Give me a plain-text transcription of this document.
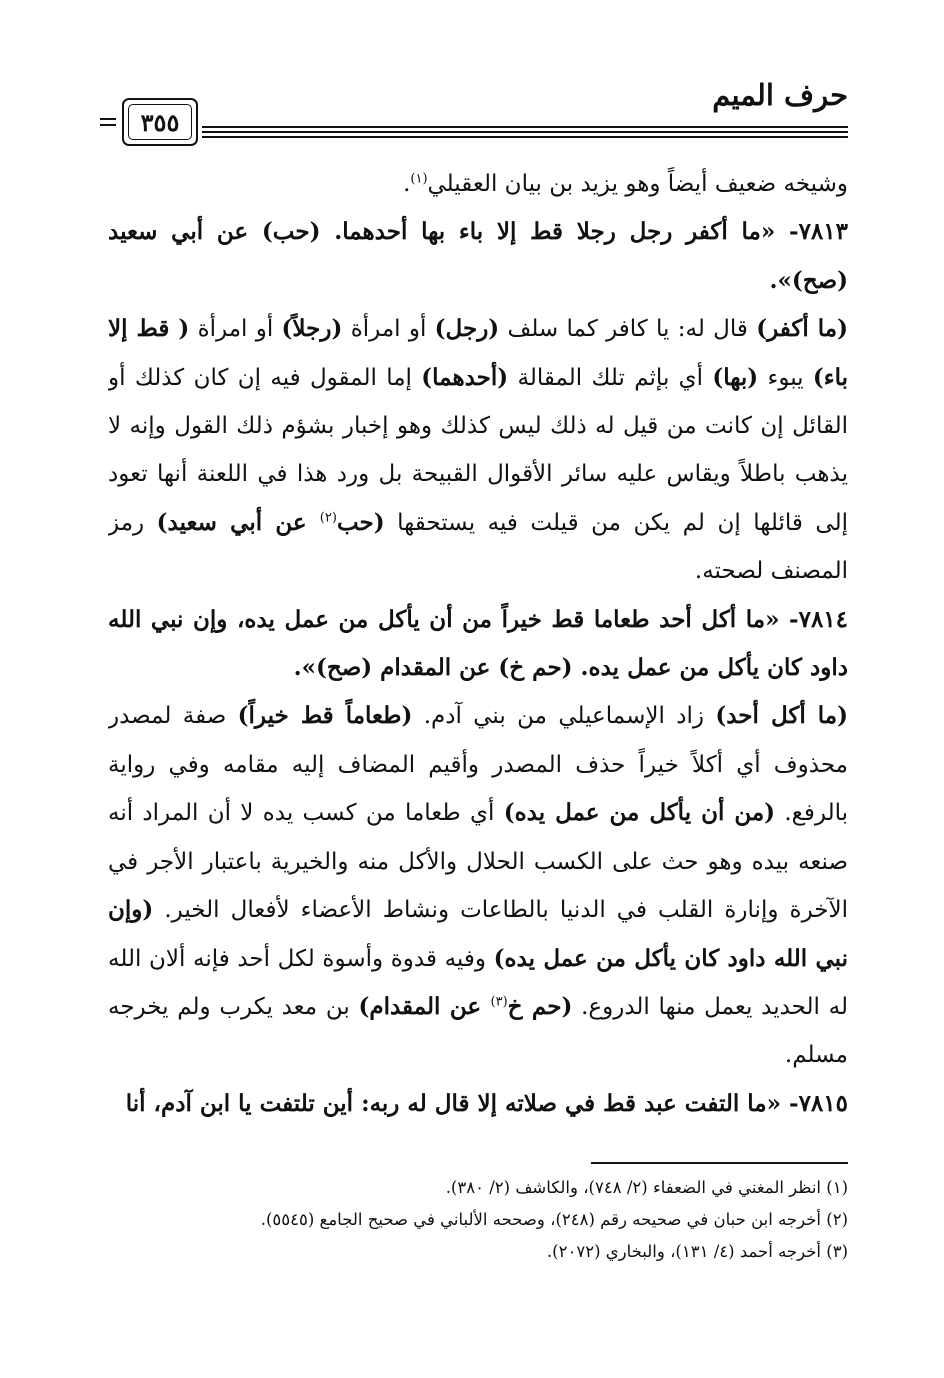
حرف الميم
٣٥٥

وشيخه ضعيف أيضاً وهو يزيد بن بيان العقيلي$^{(١)}$.

٧٨١٣- «ما أكفر رجل رجلا قط إلا باء بها أحدهما. (حب) عن أبي سعيد (صح)».

(ما أكفر) قال له: يا كافر كما سلف (رجل) أو امرأة (رجلاً) أو امرأة ( قط إلا باء) يبوء (بها) أي بإثم تلك المقالة (أحدهما) إما المقول فيه إن كان كذلك أو القائل إن كانت من قيل له ذلك ليس كذلك وهو إخبار بشؤم ذلك القول وإنه لا يذهب باطلاً ويقاس عليه سائر الأقوال القبيحة بل ورد هذا في اللعنة أنها تعود إلى قائلها إن لم يكن من قيلت فيه يستحقها (حب$^{(٢)}$ عن أبي سعيد) رمز المصنف لصحته.

٧٨١٤- «ما أكل أحد طعاما قط خيراً من أن يأكل من عمل يده، وإن نبي الله داود كان يأكل من عمل يده. (حم خ) عن المقدام (صح)».

(ما أكل أحد) زاد الإسماعيلي من بني آدم. (طعاماً قط خيراً) صفة لمصدر محذوف أي أكلاً خيراً حذف المصدر وأقيم المضاف إليه مقامه وفي رواية بالرفع. (من أن يأكل من عمل يده) أي طعاما من كسب يده لا أن المراد أنه صنعه بيده وهو حث على الكسب الحلال والأكل منه والخيرية باعتبار الأجر في الآخرة وإنارة القلب في الدنيا بالطاعات ونشاط الأعضاء لأفعال الخير. (وإن نبي الله داود كان يأكل من عمل يده) وفيه قدوة وأسوة لكل أحد فإنه ألان الله له الحديد يعمل منها الدروع. (حم خ$^{(٣)}$ عن المقدام) بن معد يكرب ولم يخرجه مسلم.

٧٨١٥- «ما التفت عبد قط في صلاته إلا قال له ربه: أين تلتفت يا ابن آدم، أنا

(١) انظر المغني في الضعفاء (٢/ ٧٤٨)، والكاشف (٢/ ٣٨٠).

(٢) أخرجه ابن حبان في صحيحه رقم (٢٤٨)، وصححه الألباني في صحيح الجامع (٥٥٤٥).

(٣) أخرجه أحمد (٤/ ١٣١)، والبخاري (٢٠٧٢).
